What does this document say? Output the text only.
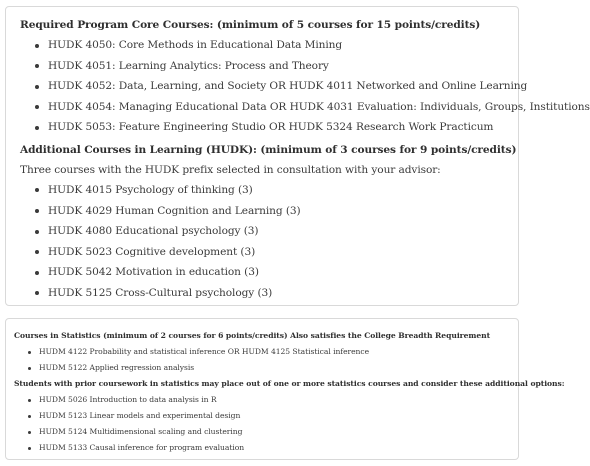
Required Program Core Courses: (minimum of 5 courses for 15 points/credits)

HUDK 4050: Core Methods in Educational Data Mining
HUDK 4051: Learning Analytics: Process and Theory
HUDK 4052: Data, Learning, and Society OR HUDK 4011 Networked and Online Learning
HUDK 4054: Managing Educational Data OR HUDK 4031 Evaluation: Individuals, Groups, Institutions
HUDK 5053: Feature Engineering Studio OR HUDK 5324 Research Work Practicum

Additional Courses in Learning (HUDK): (minimum of 3 courses for 9 points/credits)

Three courses with the HUDK prefix selected in consultation with your advisor:

HUDK 4015 Psychology of thinking (3)
HUDK 4029 Human Cognition and Learning (3)
HUDK 4080 Educational psychology (3)
HUDK 5023 Cognitive development (3)
HUDK 5042 Motivation in education (3)
HUDK 5125 Cross-Cultural psychology (3)

Courses in Statistics (minimum of 2 courses for 6 points/credits) Also satisfies the College Breadth Requirement

HUDM 4122 Probability and statistical inference OR HUDM 4125 Statistical inference
HUDM 5122 Applied regression analysis

Students with prior coursework in statistics may place out of one or more statistics courses and consider these additional options:

HUDM 5026 Introduction to data analysis in R
HUDM 5123 Linear models and experimental design
HUDM 5124 Multidimensional scaling and clustering
HUDM 5133 Causal inference for program evaluation
